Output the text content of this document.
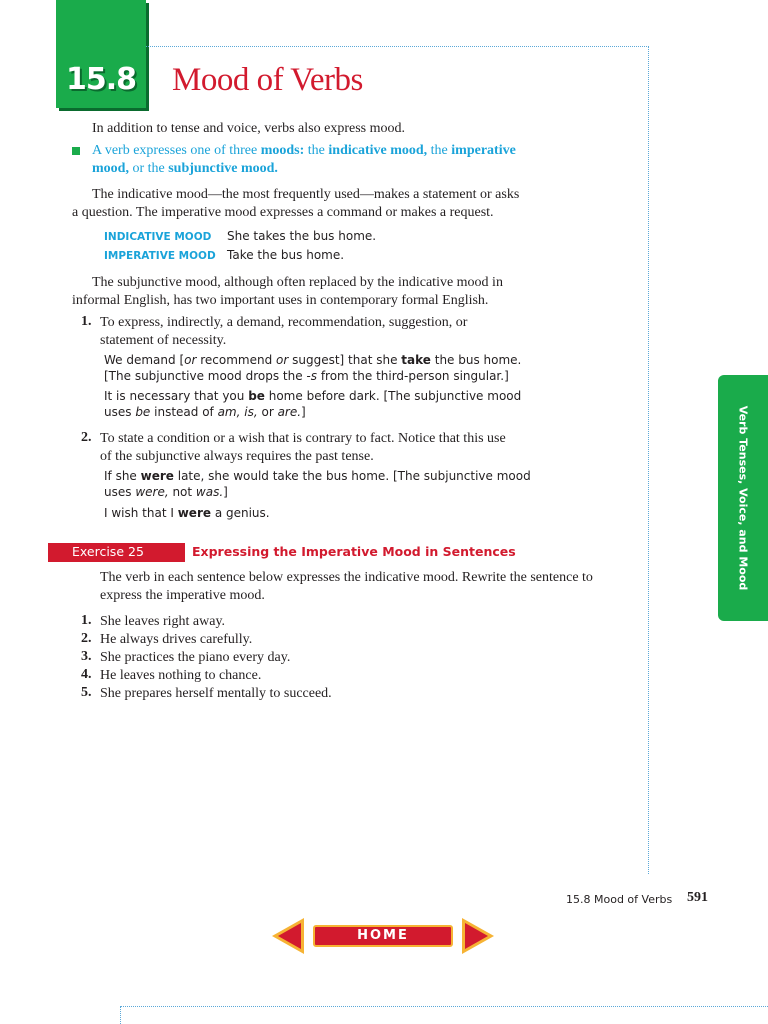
15.8 Mood of Verbs
Verb Tenses, Voice, and Mood
In addition to tense and voice, verbs also express mood.
A verb expresses one of three moods: the indicative mood, the imperative
mood, or the subjunctive mood.
The indicative mood—the most frequently used—makes a statement or asks
a question. The imperative mood expresses a command or makes a request.
INDICATIVE MOOD She takes the bus home.
IMPERATIVE MOOD Take the bus home.
The subjunctive mood, although often replaced by the indicative mood in
informal English, has two important uses in contemporary formal English.
1. To express, indirectly, a demand, recommendation, suggestion, or
statement of necessity.
We demand [or recommend or suggest] that she take the bus home.
[The subjunctive mood drops the -s from the third-person singular.]
It is necessary that you be home before dark. [The subjunctive mood
uses be instead of am, is, or are.]
2. To state a condition or a wish that is contrary to fact. Notice that this use
of the subjunctive always requires the past tense.
If she were late, she would take the bus home. [The subjunctive mood
uses were, not was.]
I wish that I were a genius.
Exercise 25	Expressing the Imperative Mood in Sentences
The verb in each sentence below expresses the indicative mood. Rewrite the sentence to
express the imperative mood.
1. She leaves right away.
2. He always drives carefully.
3. She practices the piano every day.
4. He leaves nothing to chance.
5. She prepares herself mentally to succeed.
15.8 Mood of Verbs 591
HOME
